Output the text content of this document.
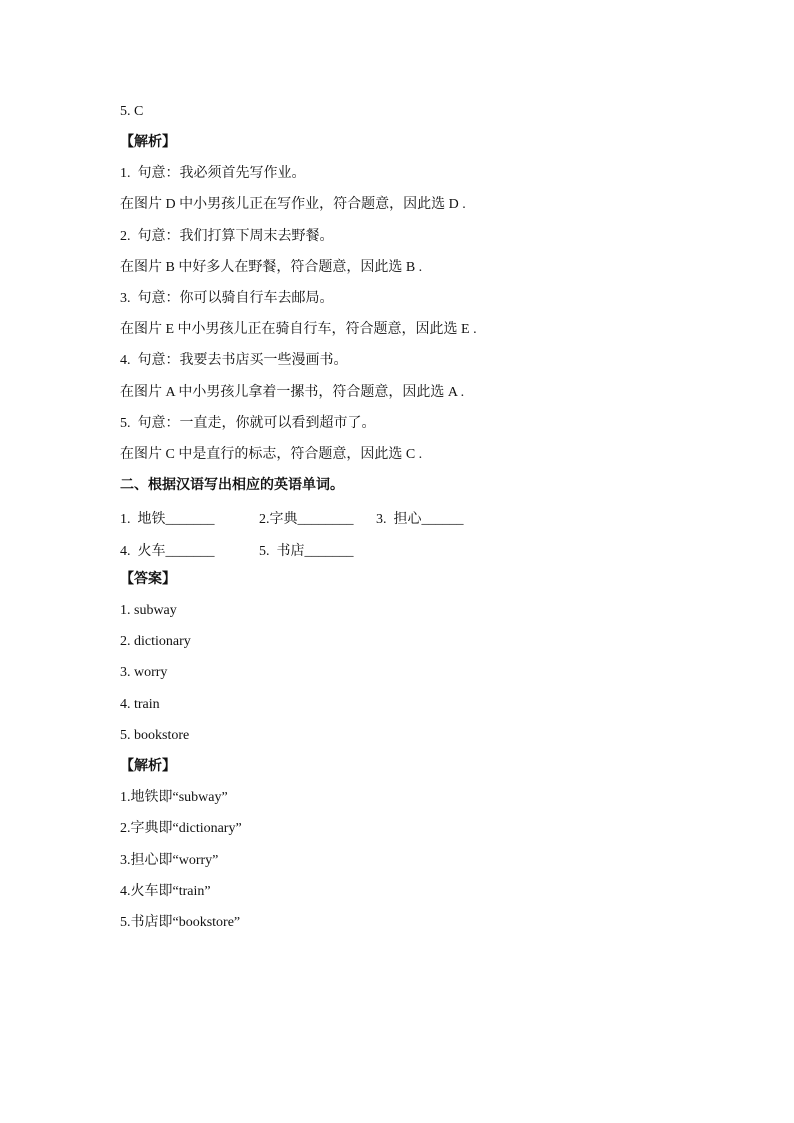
5. C
【解析】
1.  句意：我必须首先写作业。
在图片 D 中小男孩儿正在写作业，符合题意，因此选 D .
2.  句意：我们打算下周末去野餐。
在图片 B 中好多人在野餐，符合题意，因此选 B .
3.  句意：你可以骑自行车去邮局。
在图片 E 中小男孩儿正在骑自行车，符合题意，因此选 E .
4.  句意：我要去书店买一些漫画书。
在图片 A 中小男孩儿拿着一摞书，符合题意，因此选 A .
5.  句意：一直走，你就可以看到超市了。
在图片 C 中是直行的标志，符合题意，因此选 C .
二、根据汉语写出相应的英语单词。
1.  地铁_______	2.字典________ 3.  担心______
4.  火车_______	5.  书店_______
【答案】
1. subway
2. dictionary
3. worry
4. train
5. bookstore
【解析】
1.地铁即“subway”
2.字典即“dictionary”
3.担心即“worry”
4.火车即“train”
5.书店即“bookstore”
